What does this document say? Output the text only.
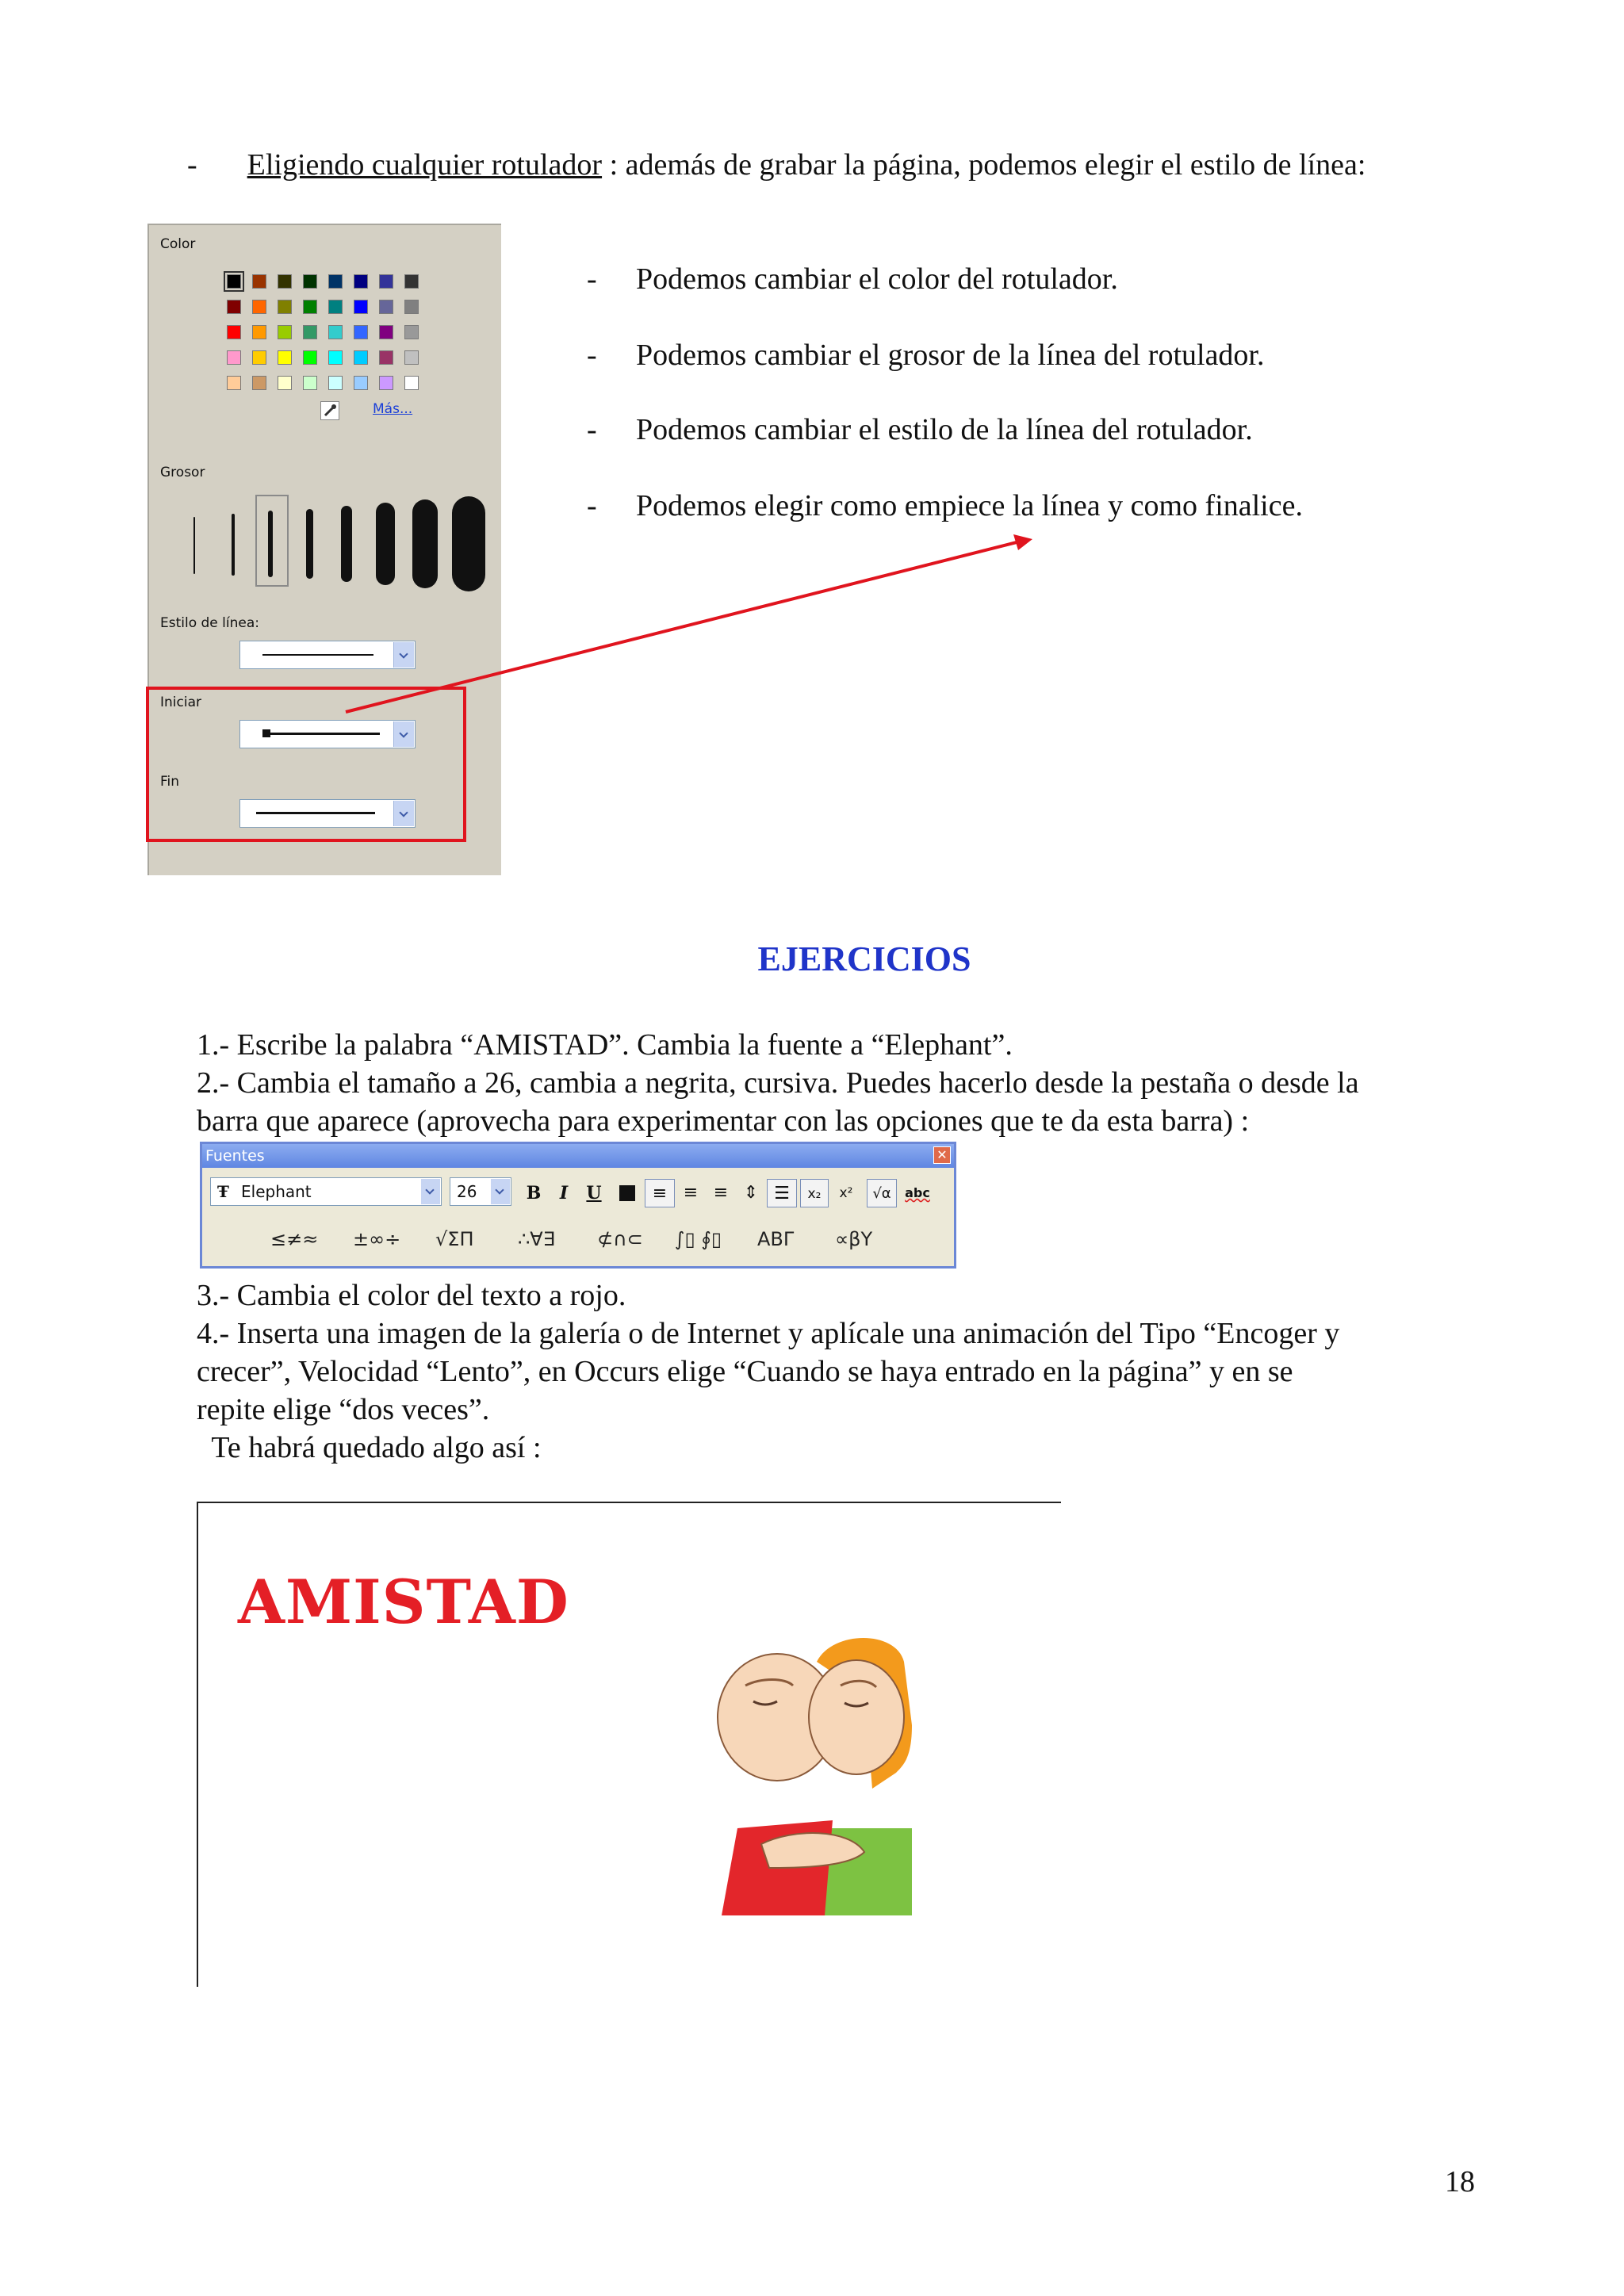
- Eligiendo cualquier rotulador : además de grabar la página, podemos elegir el estilo de línea:
Color
Más...
Grosor
Estilo de línea:
Iniciar
Fin
- Podemos cambiar el color del rotulador.
- Podemos cambiar el grosor de la línea del rotulador.
- Podemos cambiar el estilo de la línea del rotulador.
- Podemos elegir como empiece la línea y como finalice.
EJERCICIOS
1.- Escribe la palabra “AMISTAD”. Cambia la fuente a “Elephant”.
2.- Cambia el tamaño a 26, cambia a negrita, cursiva. Puedes hacerlo desde la pestaña o desde la
barra que aparece (aprovecha para experimentar con las opciones que te da esta barra) :
Fuentes	✕
Ŧ Elephant	26	B	I	U	≡ ≡ ≡ ⇕ ☰	x₂	x²	√α	abc
≤≠≈ ±∞÷ √ΣΠ ∴∀∃ ⊄∩⊂ ∫▯ ∮▯ ΑΒΓ ∝βΥ
3.- Cambia el color del texto a rojo.
4.- Inserta una imagen de la galería o de Internet y aplícale una animación del Tipo “Encoger y
crecer”, Velocidad “Lento”, en Occurs elige “Cuando se haya entrado en la página” y en se
repite elige “dos veces”.
Te habrá quedado algo así :
AMISTAD
18
